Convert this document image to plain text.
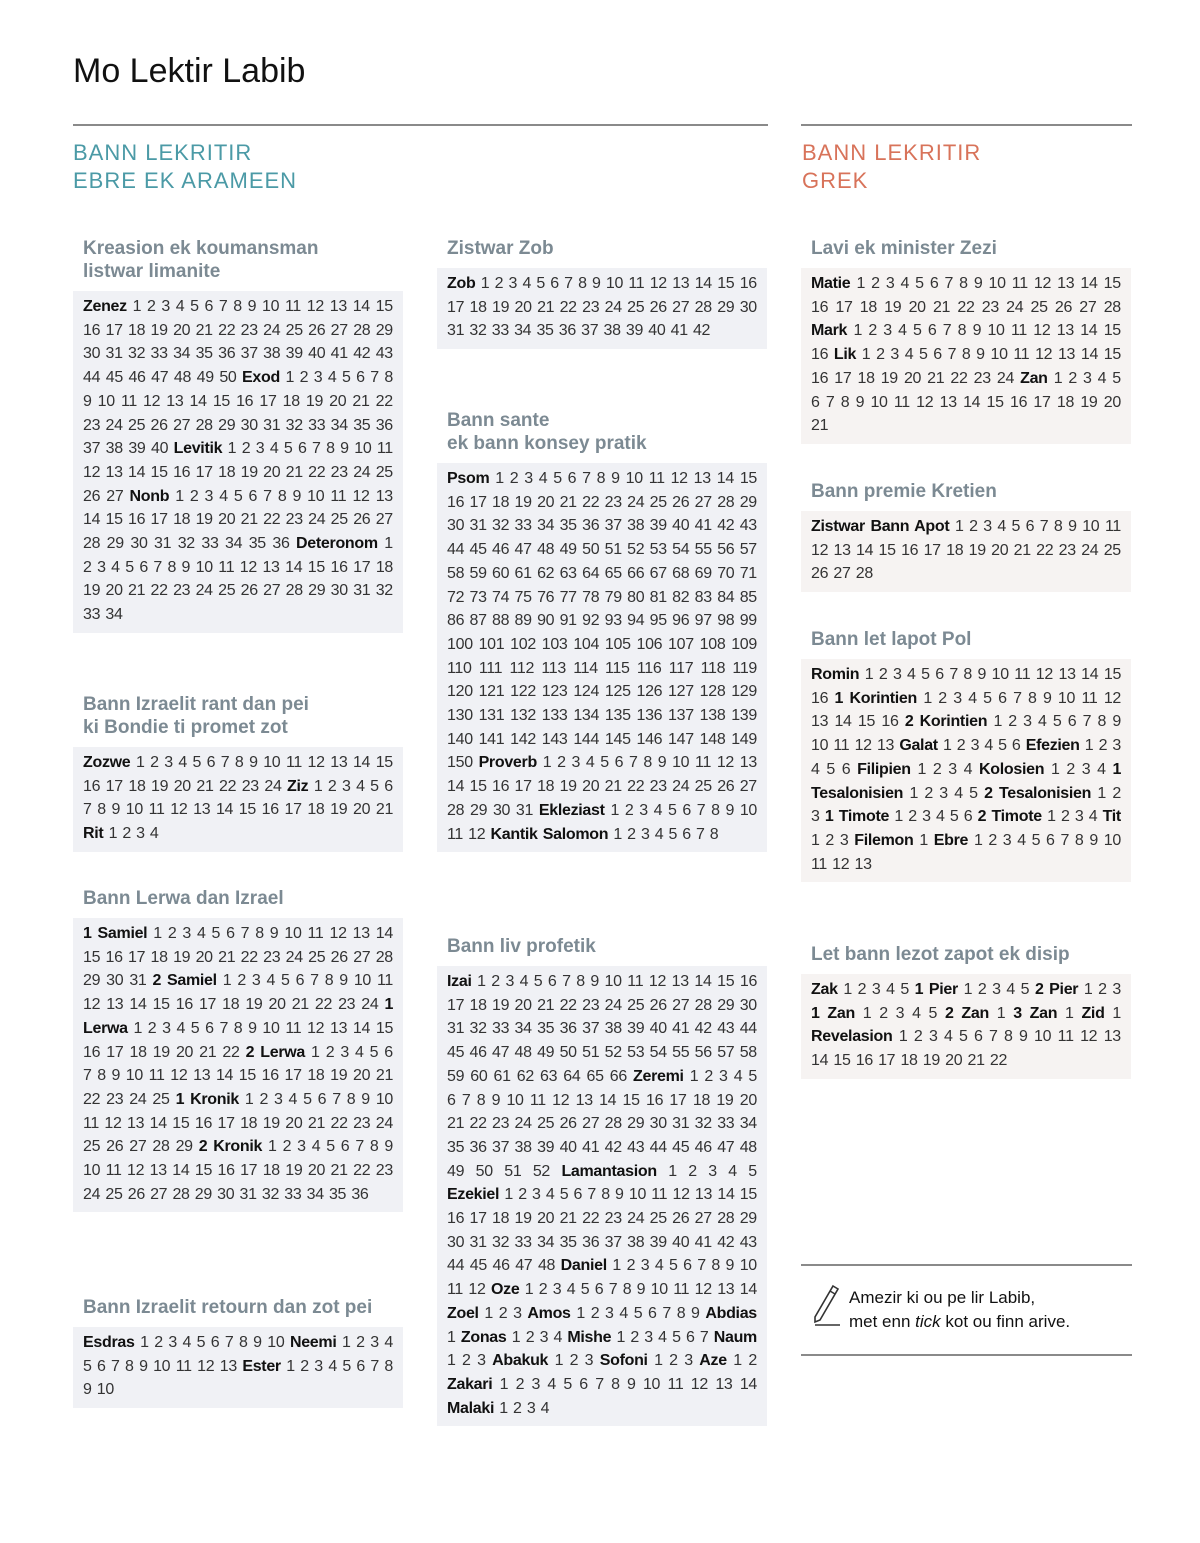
Mo Lektir Labib
BANN LEKRITIR
EBRE EK ARAMEEN
BANN LEKRITIR
GREK
Kreasion ek koumansman
listwar limanite
Zenez 1 2 3 4 5 6 7 8 9 10 11 12 13 14 15 16 17 18 19 20 21 22 23 24 25 26 27 28 29 30 31 32 33 34 35 36 37 38 39 40 41 42 43 44 45 46 47 48 49 50 Exod 1 2 3 4 5 6 7 8 9 10 11 12 13 14 15 16 17 18 19 20 21 22 23 24 25 26 27 28 29 30 31 32 33 34 35 36 37 38 39 40 Levitik 1 2 3 4 5 6 7 8 9 10 11 12 13 14 15 16 17 18 19 20 21 22 23 24 25 26 27 Nonb 1 2 3 4 5 6 7 8 9 10 11 12 13 14 15 16 17 18 19 20 21 22 23 24 25 26 27 28 29 30 31 32 33 34 35 36 Deteronom 1 2 3 4 5 6 7 8 9 10 11 12 13 14 15 16 17 18 19 20 21 22 23 24 25 26 27 28 29 30 31 32 33 34
Bann Izraelit rant dan pei
ki Bondie ti promet zot
Zozwe 1 2 3 4 5 6 7 8 9 10 11 12 13 14 15 16 17 18 19 20 21 22 23 24 Ziz 1 2 3 4 5 6 7 8 9 10 11 12 13 14 15 16 17 18 19 20 21 Rit 1 2 3 4
Bann Lerwa dan Izrael
1 Samiel 1 2 3 4 5 6 7 8 9 10 11 12 13 14 15 16 17 18 19 20 21 22 23 24 25 26 27 28 29 30 31 2 Samiel 1 2 3 4 5 6 7 8 9 10 11 12 13 14 15 16 17 18 19 20 21 22 23 24 1 Lerwa 1 2 3 4 5 6 7 8 9 10 11 12 13 14 15 16 17 18 19 20 21 22 2 Lerwa 1 2 3 4 5 6 7 8 9 10 11 12 13 14 15 16 17 18 19 20 21 22 23 24 25 1 Kronik 1 2 3 4 5 6 7 8 9 10 11 12 13 14 15 16 17 18 19 20 21 22 23 24 25 26 27 28 29 2 Kronik 1 2 3 4 5 6 7 8 9 10 11 12 13 14 15 16 17 18 19 20 21 22 23 24 25 26 27 28 29 30 31 32 33 34 35 36
Bann Izraelit retourn dan zot pei
Esdras 1 2 3 4 5 6 7 8 9 10 Neemi 1 2 3 4 5 6 7 8 9 10 11 12 13 Ester 1 2 3 4 5 6 7 8 9 10
Zistwar Zob
Zob 1 2 3 4 5 6 7 8 9 10 11 12 13 14 15 16 17 18 19 20 21 22 23 24 25 26 27 28 29 30 31 32 33 34 35 36 37 38 39 40 41 42
Bann sante
ek bann konsey pratik
Psom 1 2 3 4 5 6 7 8 9 10 11 12 13 14 15 16 17 18 19 20 21 22 23 24 25 26 27 28 29 30 31 32 33 34 35 36 37 38 39 40 41 42 43 44 45 46 47 48 49 50 51 52 53 54 55 56 57 58 59 60 61 62 63 64 65 66 67 68 69 70 71 72 73 74 75 76 77 78 79 80 81 82 83 84 85 86 87 88 89 90 91 92 93 94 95 96 97 98 99 100 101 102 103 104 105 106 107 108 109 110 111 112 113 114 115 116 117 118 119 120 121 122 123 124 125 126 127 128 129 130 131 132 133 134 135 136 137 138 139 140 141 142 143 144 145 146 147 148 149 150 Proverb 1 2 3 4 5 6 7 8 9 10 11 12 13 14 15 16 17 18 19 20 21 22 23 24 25 26 27 28 29 30 31 Ekleziast 1 2 3 4 5 6 7 8 9 10 11 12 Kantik Salomon 1 2 3 4 5 6 7 8
Bann liv profetik
Izai 1 2 3 4 5 6 7 8 9 10 11 12 13 14 15 16 17 18 19 20 21 22 23 24 25 26 27 28 29 30 31 32 33 34 35 36 37 38 39 40 41 42 43 44 45 46 47 48 49 50 51 52 53 54 55 56 57 58 59 60 61 62 63 64 65 66 Zeremi 1 2 3 4 5 6 7 8 9 10 11 12 13 14 15 16 17 18 19 20 21 22 23 24 25 26 27 28 29 30 31 32 33 34 35 36 37 38 39 40 41 42 43 44 45 46 47 48 49 50 51 52 Lamantasion 1 2 3 4 5 Ezekiel 1 2 3 4 5 6 7 8 9 10 11 12 13 14 15 16 17 18 19 20 21 22 23 24 25 26 27 28 29 30 31 32 33 34 35 36 37 38 39 40 41 42 43 44 45 46 47 48 Daniel 1 2 3 4 5 6 7 8 9 10 11 12 Oze 1 2 3 4 5 6 7 8 9 10 11 12 13 14 Zoel 1 2 3 Amos 1 2 3 4 5 6 7 8 9 Abdias 1 Zonas 1 2 3 4 Mishe 1 2 3 4 5 6 7 Naum 1 2 3 Abakuk 1 2 3 Sofoni 1 2 3 Aze 1 2 Zakari 1 2 3 4 5 6 7 8 9 10 11 12 13 14 Malaki 1 2 3 4
Lavi ek minister Zezi
Matie 1 2 3 4 5 6 7 8 9 10 11 12 13 14 15 16 17 18 19 20 21 22 23 24 25 26 27 28 Mark 1 2 3 4 5 6 7 8 9 10 11 12 13 14 15 16 Lik 1 2 3 4 5 6 7 8 9 10 11 12 13 14 15 16 17 18 19 20 21 22 23 24 Zan 1 2 3 4 5 6 7 8 9 10 11 12 13 14 15 16 17 18 19 20 21
Bann premie Kretien
Zistwar Bann Apot 1 2 3 4 5 6 7 8 9 10 11 12 13 14 15 16 17 18 19 20 21 22 23 24 25 26 27 28
Bann let lapot Pol
Romin 1 2 3 4 5 6 7 8 9 10 11 12 13 14 15 16 1 Korintien 1 2 3 4 5 6 7 8 9 10 11 12 13 14 15 16 2 Korintien 1 2 3 4 5 6 7 8 9 10 11 12 13 Galat 1 2 3 4 5 6 Efezien 1 2 3 4 5 6 Filipien 1 2 3 4 Kolosien 1 2 3 4 1 Tesalonisien 1 2 3 4 5 2 Tesalonisien 1 2 3 1 Timote 1 2 3 4 5 6 2 Timote 1 2 3 4 Tit 1 2 3 Filemon 1 Ebre 1 2 3 4 5 6 7 8 9 10 11 12 13
Let bann lezot zapot ek disip
Zak 1 2 3 4 5 1 Pier 1 2 3 4 5 2 Pier 1 2 3 1 Zan 1 2 3 4 5 2 Zan 1 3 Zan 1 Zid 1 Revelasion 1 2 3 4 5 6 7 8 9 10 11 12 13 14 15 16 17 18 19 20 21 22
Amezir ki ou pe lir Labib,
met enn tick kot ou finn arive.
